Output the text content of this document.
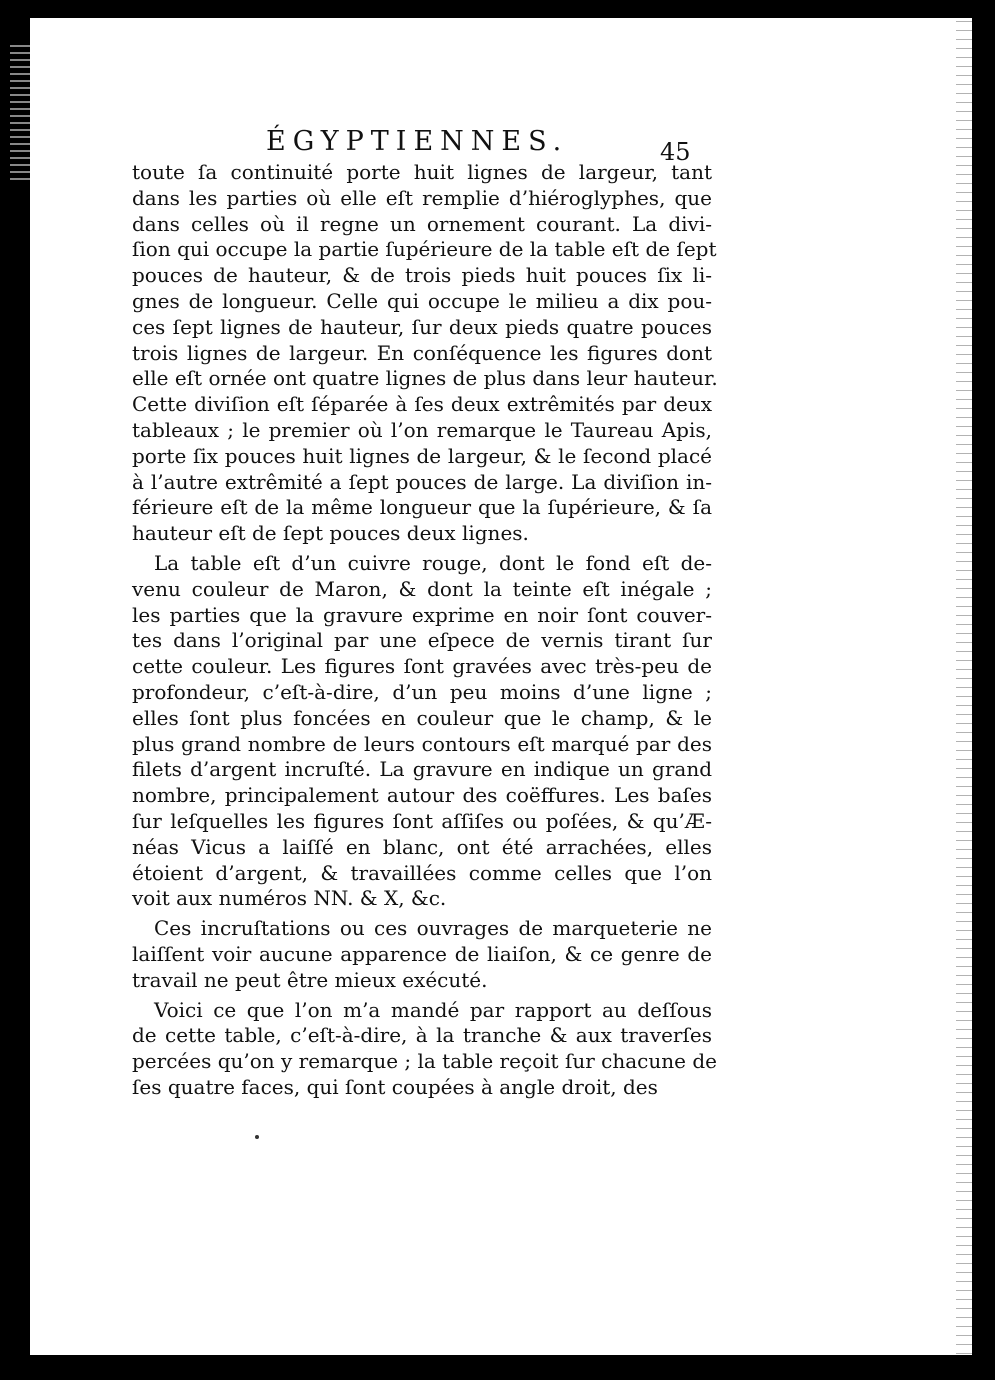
ÉGYPTIENNES.	45
toute ſa continuité porte huit lignes de largeur, tant
dans les parties où elle eſt remplie d’hiéroglyphes, que
dans celles où il regne un ornement courant. La divi-
ſion qui occupe la partie ſupérieure de la table eſt de ſept
pouces de hauteur, & de trois pieds huit pouces ſix li-
gnes de longueur. Celle qui occupe le milieu a dix pou-
ces ſept lignes de hauteur, ſur deux pieds quatre pouces
trois lignes de largeur. En conſéquence les figures dont
elle eſt ornée ont quatre lignes de plus dans leur hauteur.
Cette diviſion eſt ſéparée à ſes deux extrêmités par deux
tableaux ; le premier où l’on remarque le Taureau Apis,
porte ſix pouces huit lignes de largeur, & le ſecond placé
à l’autre extrêmité a ſept pouces de large. La diviſion in-
férieure eſt de la même longueur que la ſupérieure, & ſa
hauteur eſt de ſept pouces deux lignes.
La table eſt d’un cuivre rouge, dont le fond eſt de-
venu couleur de Maron, & dont la teinte eſt inégale ;
les parties que la gravure exprime en noir ſont couver-
tes dans l’original par une eſpece de vernis tirant ſur
cette couleur. Les figures ſont gravées avec très-peu de
profondeur, c’eſt-à-dire, d’un peu moins d’une ligne ;
elles ſont plus foncées en couleur que le champ, & le
plus grand nombre de leurs contours eſt marqué par des
filets d’argent incruſté. La gravure en indique un grand
nombre, principalement autour des coëffures. Les baſes
ſur leſquelles les figures ſont aſſiſes ou poſées, & qu’Æ-
néas Vicus a laiſſé en blanc, ont été arrachées, elles
étoient d’argent, & travaillées comme celles que l’on
voit aux numéros NN. & X, &c.
Ces incruſtations ou ces ouvrages de marqueterie ne
laiſſent voir aucune apparence de liaiſon, & ce genre de
travail ne peut être mieux exécuté.
Voici ce que l’on m’a mandé par rapport au deſſous
de cette table, c’eſt-à-dire, à la tranche & aux traverſes
percées qu’on y remarque ; la table reçoit ſur chacune de
ſes quatre faces, qui ſont coupées à angle droit, des
